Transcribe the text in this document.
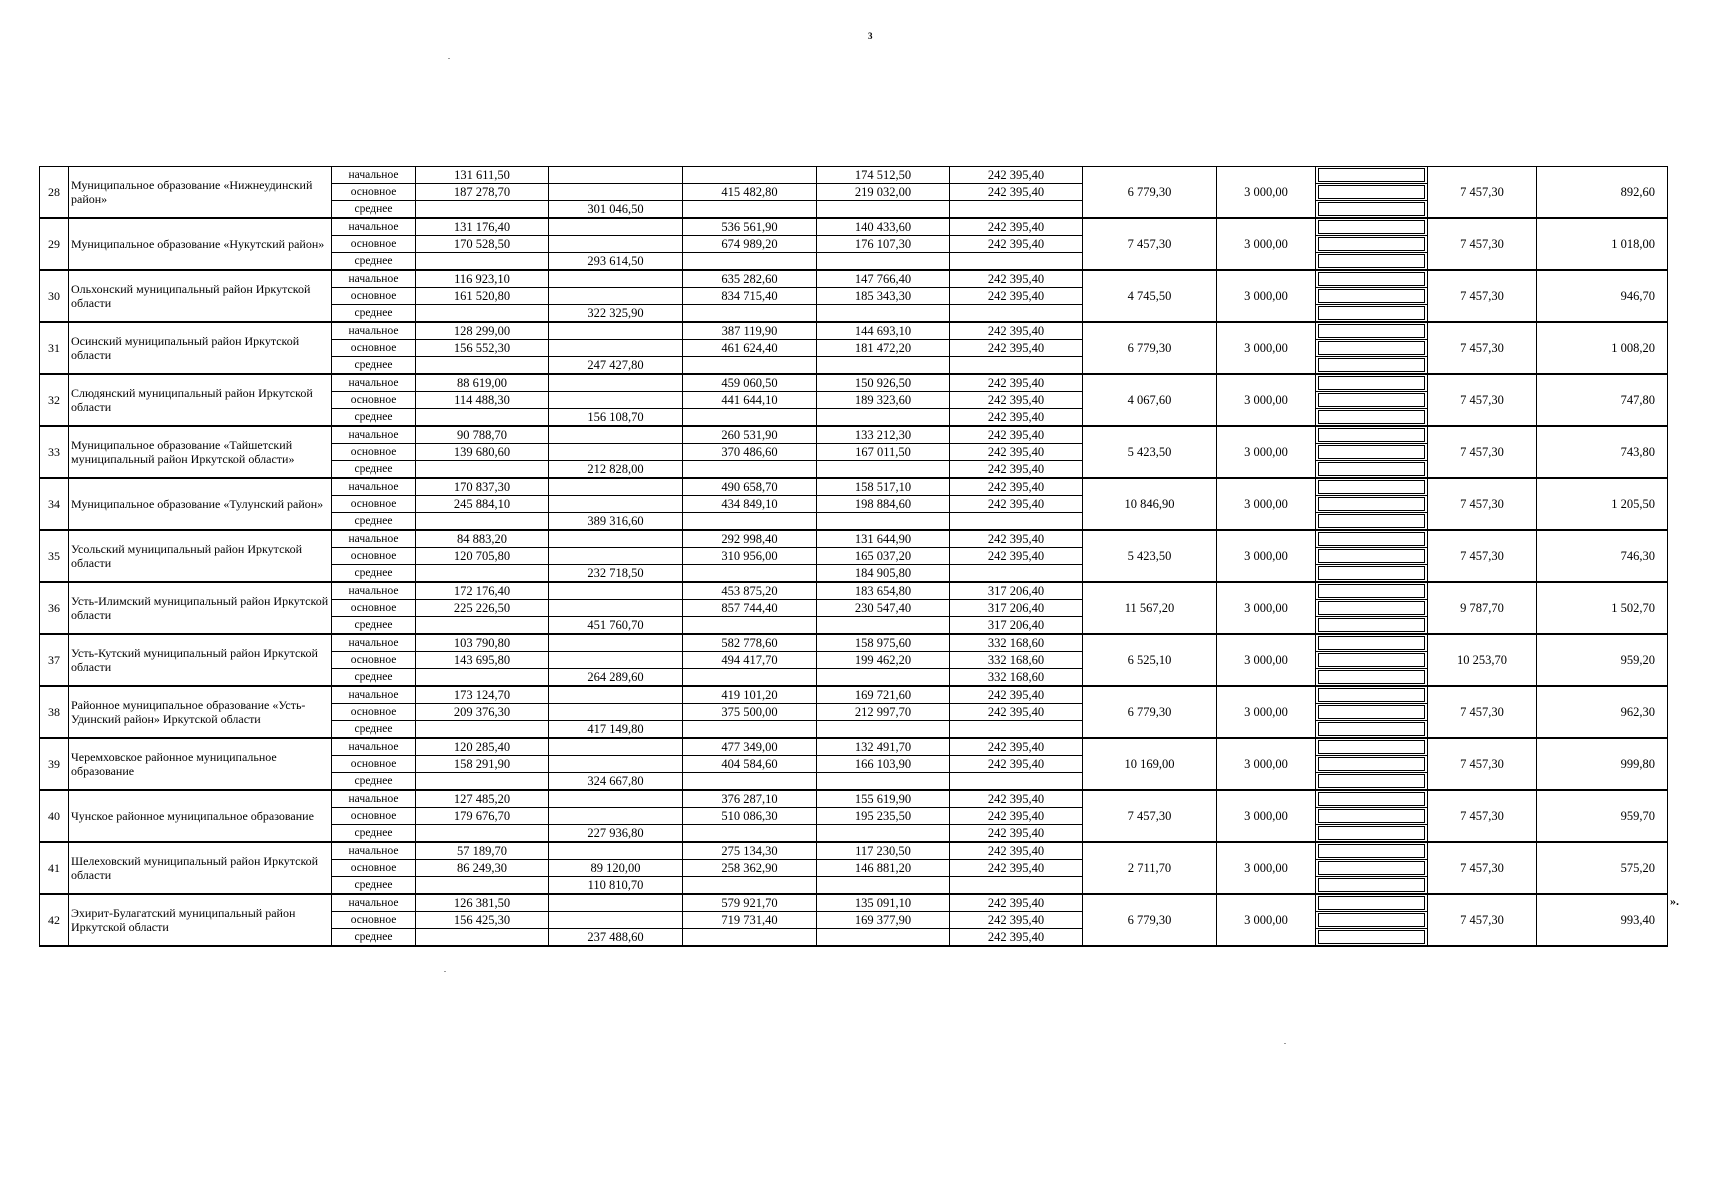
3
28	Муниципальное образование «Нижнеудинский район»	начальное	131 611,50			174 512,50	242 395,40	6 779,30	3 000,00		7 457,30	892,60
		основное	187 278,70		415 482,80	219 032,00	242 395,40					

		среднее		301 046,50								

29	Муниципальное образование «Нукутский район»	начальное	131 176,40		536 561,90	140 433,60	242 395,40	7 457,30	3 000,00		7 457,30	1 018,00
		основное	170 528,50		674 989,20	176 107,30	242 395,40					

		среднее		293 614,50								

30	Ольхонский муниципальный район Иркутской области	начальное	116 923,10		635 282,60	147 766,40	242 395,40	4 745,50	3 000,00		7 457,30	946,70
		основное	161 520,80		834 715,40	185 343,30	242 395,40					

		среднее		322 325,90								

31	Осинский муниципальный район Иркутской области	начальное	128 299,00		387 119,90	144 693,10	242 395,40	6 779,30	3 000,00		7 457,30	1 008,20
		основное	156 552,30		461 624,40	181 472,20	242 395,40					

		среднее		247 427,80								

32	Слюдянский муниципальный район Иркутской области	начальное	88 619,00		459 060,50	150 926,50	242 395,40	4 067,60	3 000,00		7 457,30	747,80
		основное	114 488,30		441 644,10	189 323,60	242 395,40					

		среднее		156 108,70			242 395,40					

33	Муниципальное образование «Тайшетский муниципальный район Иркутской области»	начальное	90 788,70		260 531,90	133 212,30	242 395,40	5 423,50	3 000,00		7 457,30	743,80
		основное	139 680,60		370 486,60	167 011,50	242 395,40					

		среднее		212 828,00			242 395,40					

34	Муниципальное образование «Тулунский район»	начальное	170 837,30		490 658,70	158 517,10	242 395,40	10 846,90	3 000,00		7 457,30	1 205,50
		основное	245 884,10		434 849,10	198 884,60	242 395,40					

		среднее		389 316,60								

35	Усольский муниципальный район Иркутской области	начальное	84 883,20		292 998,40	131 644,90	242 395,40	5 423,50	3 000,00		7 457,30	746,30
		основное	120 705,80		310 956,00	165 037,20	242 395,40					

		среднее		232 718,50		184 905,80						

36	Усть-Илимский муниципальный район Иркутской области	начальное	172 176,40		453 875,20	183 654,80	317 206,40	11 567,20	3 000,00		9 787,70	1 502,70
		основное	225 226,50		857 744,40	230 547,40	317 206,40					

		среднее		451 760,70			317 206,40					

37	Усть-Кутский муниципальный район Иркутской области	начальное	103 790,80		582 778,60	158 975,60	332 168,60	6 525,10	3 000,00		10 253,70	959,20
		основное	143 695,80		494 417,70	199 462,20	332 168,60					

		среднее		264 289,60			332 168,60					

38	Районное муниципальное образование «Усть-Удинский район» Иркутской области	начальное	173 124,70		419 101,20	169 721,60	242 395,40	6 779,30	3 000,00		7 457,30	962,30
		основное	209 376,30		375 500,00	212 997,70	242 395,40					

		среднее		417 149,80								

39	Черемховское районное муниципальное образование	начальное	120 285,40		477 349,00	132 491,70	242 395,40	10 169,00	3 000,00		7 457,30	999,80
		основное	158 291,90		404 584,60	166 103,90	242 395,40					

		среднее		324 667,80								

40	Чунское районное муниципальное образование	начальное	127 485,20		376 287,10	155 619,90	242 395,40	7 457,30	3 000,00		7 457,30	959,70
		основное	179 676,70		510 086,30	195 235,50	242 395,40					

		среднее		227 936,80			242 395,40					

41	Шелеховский муниципальный район Иркутской области	начальное	57 189,70		275 134,30	117 230,50	242 395,40	2 711,70	3 000,00		7 457,30	575,20
		основное	86 249,30	89 120,00	258 362,90	146 881,20	242 395,40					

		среднее		110 810,70								

42	Эхирит-Булагатский муниципальный район Иркутской области	начальное	126 381,50		579 921,70	135 091,10	242 395,40	6 779,30	3 000,00		7 457,30	993,40
		основное	156 425,30		719 731,40	169 377,90	242 395,40					

		среднее		237 488,60			242 395,40					
».
